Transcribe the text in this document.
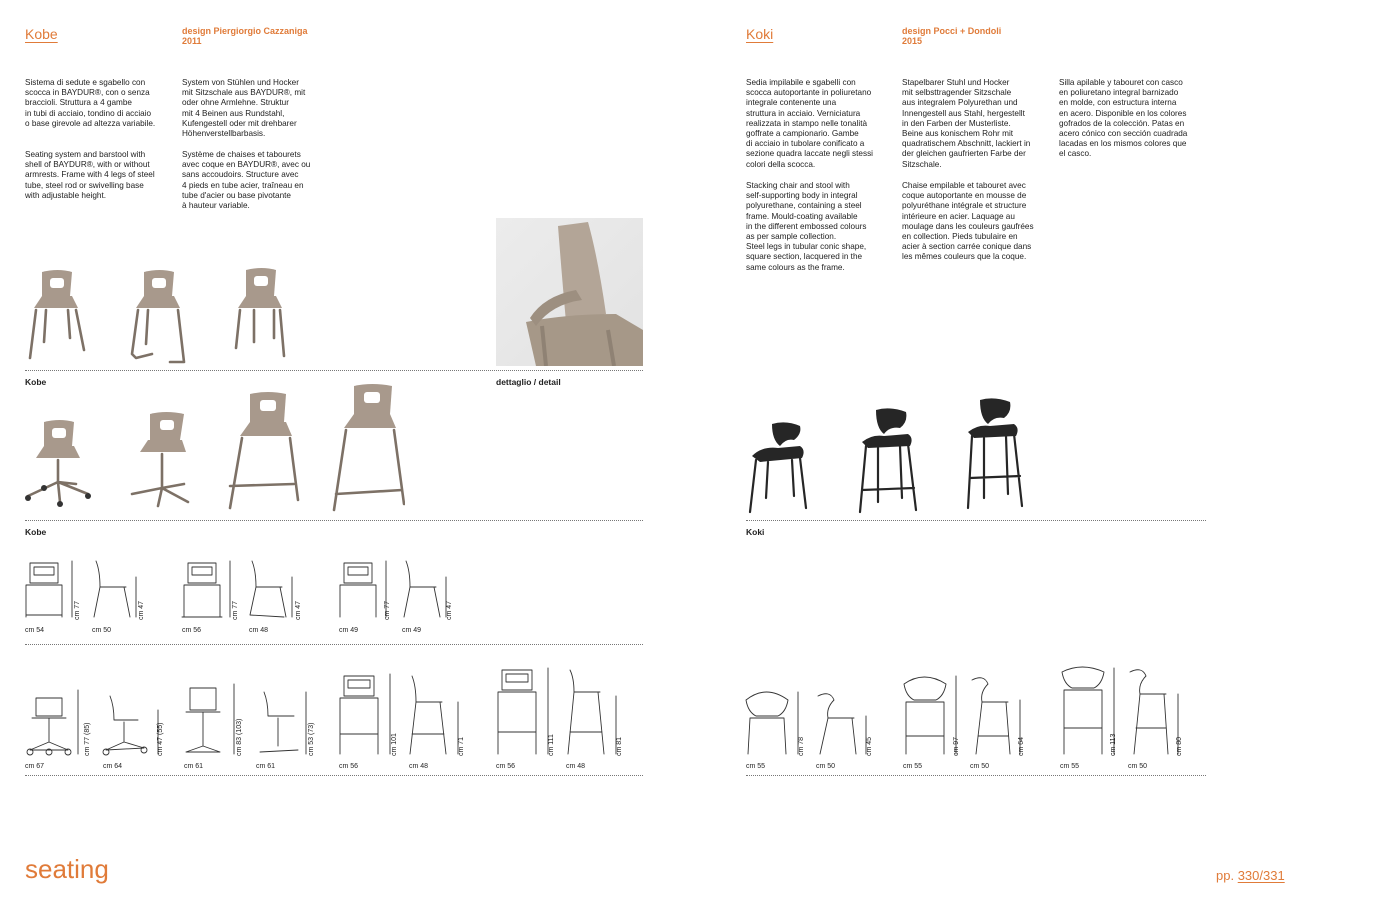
Kobe	design Piergiorgio Cazzaniga
2011

Sistema di sedute e sgabello con
scocca in BAYDUR®, con o senza
braccioli. Struttura a 4 gambe
in tubi di acciaio, tondino di acciaio
o base girevole ad altezza variabile.

System von Stühlen und Hocker
mit Sitzschale aus BAYDUR®, mit
oder ohne Armlehne. Struktur
mit 4 Beinen aus Rundstahl,
Kufengestell oder mit drehbarer
Höhenverstellbarbasis.

Seating system and barstool with
shell of BAYDUR®, with or without
armrests. Frame with 4 legs of steel
tube, steel rod or swivelling base
with adjustable height.

Système de chaises et tabourets
avec coque en BAYDUR®, avec ou
sans accoudoirs. Structure avec
4 pieds en tube acier, traîneau en
tube d'acier ou base pivotante
à hauteur variable.

Kobe	dettaglio / detail
Kobe
cm 77	cm 47	cm 77	cm 47	cm 77	cm 47
cm 54	cm 50	cm 56	cm 48	cm 49	cm 49
cm 77 (85)	cm 47 (55)	cm 83 (103)	cm 53 (73)	cm 101	cm 71	cm 111	cm 81
cm 67	cm 64	cm 61	cm 61	cm 56	cm 48	cm 56	cm 48
seating
Koki	design Pocci + Dondoli
2015

Sedia impilabile e sgabelli con
scocca autoportante in poliuretano
integrale contenente una
struttura in acciaio. Verniciatura
realizzata in stampo nelle tonalità
goffrate a campionario. Gambe
di acciaio in tubolare conificato a
sezione quadra laccate negli stessi
colori della scocca.

Stapelbarer Stuhl und Hocker
mit selbsttragender Sitzschale
aus integralem Polyurethan und
Innengestell aus Stahl, hergestellt
in den Farben der Musterliste.
Beine aus konischem Rohr mit
quadratischem Abschnitt, lackiert in
der gleichen gaufrierten Farbe der
Sitzschale.

Silla apilable y tabouret con casco
en poliuretano integral barnizado
en molde, con estructura interna
en acero. Disponible en los colores
gofrados de la colección. Patas en
acero cónico con sección cuadrada
lacadas en los mismos colores que
el casco.

Stacking chair and stool with
self-supporting body in integral
polyurethane, containing a steel
frame. Mould-coating available
in the different embossed colours
as per sample collection.
Steel legs in tubular conic shape,
square section, lacquered in the
same colours as the frame.

Chaise empilable et tabouret avec
coque autoportante en mousse de
polyuréthane intégrale et structure
intérieure en acier. Laquage au
moulage dans les couleurs gaufrées
en collection. Pieds tubulaire en
acier à section carrée conique dans
les mêmes couleurs que la coque.

Koki
cm 78	cm 45	cm 97	cm 64	cm 113	cm 80
cm 55	cm 50	cm 55	cm 50	cm 55	cm 50
pp. 330/331
